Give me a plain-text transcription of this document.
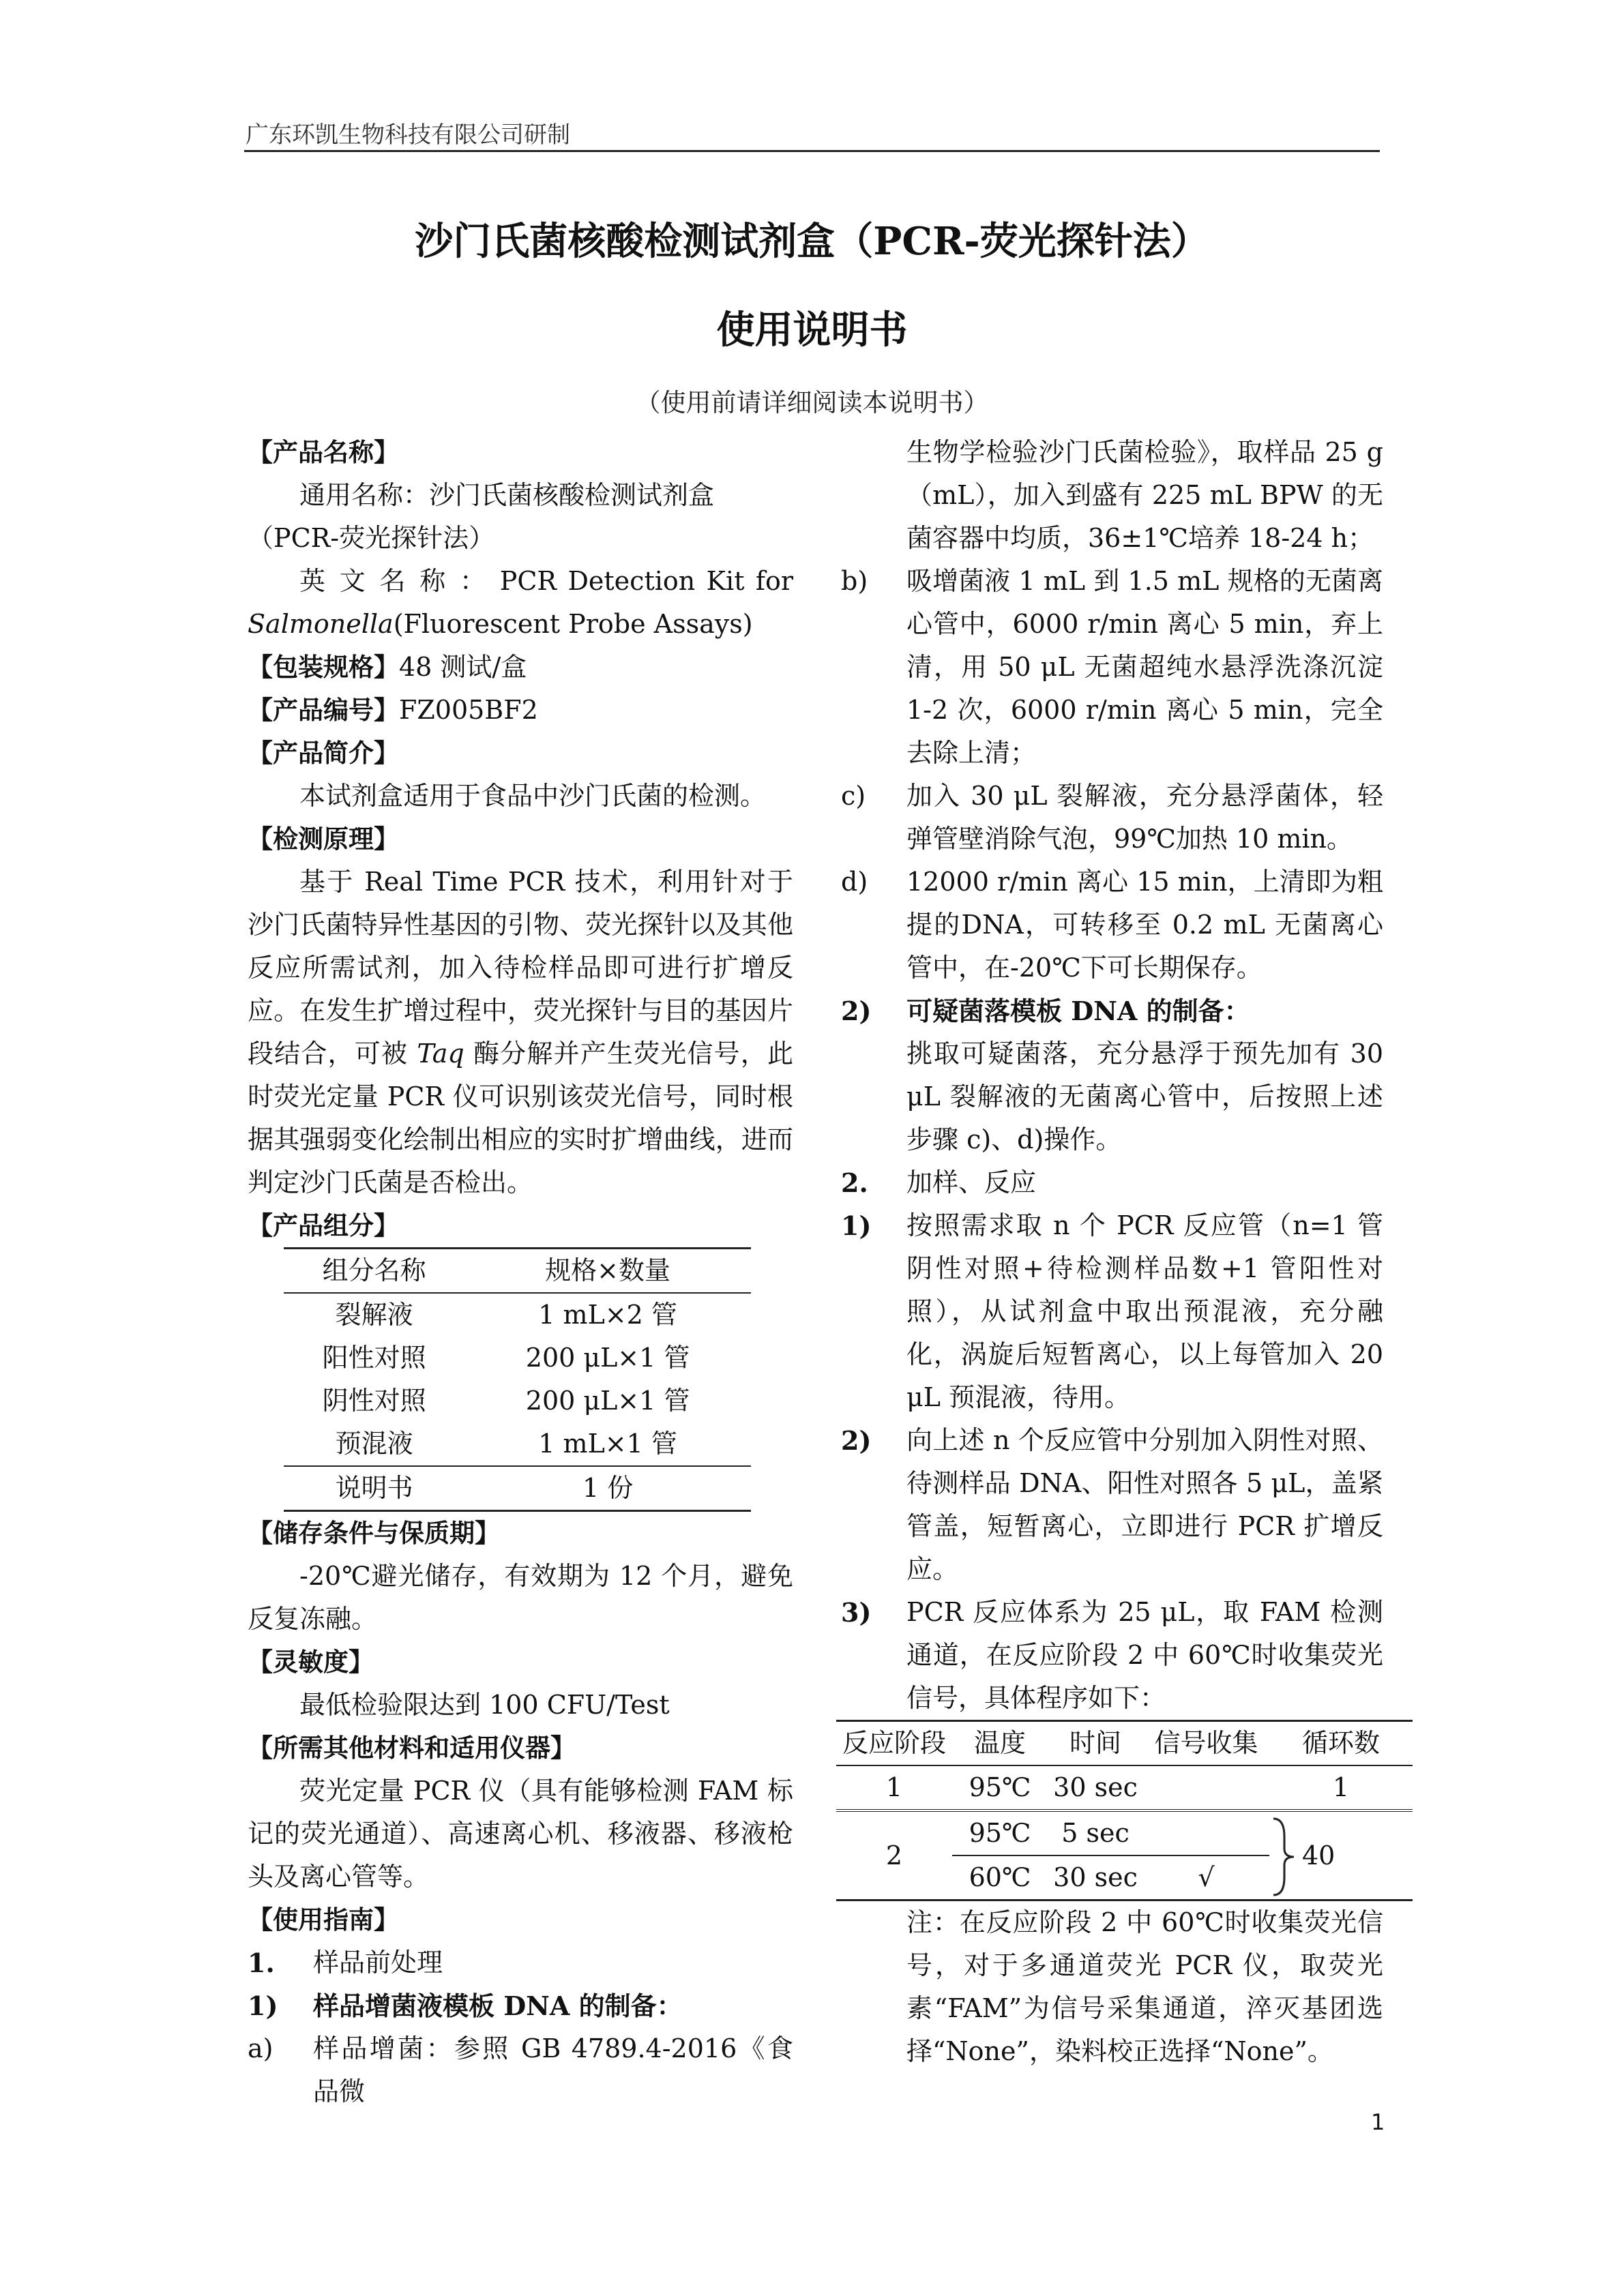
广东环凯生物科技有限公司研制
沙门氏菌核酸检测试剂盒（PCR-荧光探针法）
使用说明书
（使用前请详细阅读本说明书）

【产品名称】

通用名称：沙门氏菌核酸检测试剂盒

（PCR-荧光探针法）

英 文 名 称 ： PCR Detection Kit for

Salmonella(Fluorescent Probe Assays)

【包装规格】48 测试/盒

【产品编号】FZ005BF2

【产品简介】

本试剂盒适用于食品中沙门氏菌的检测。

【检测原理】

基于 Real Time PCR 技术，利用针对于沙门氏菌特异性基因的引物、荧光探针以及其他反应所需试剂，加入待检样品即可进行扩增反应。在发生扩增过程中，荧光探针与目的基因片段结合，可被 Taq 酶分解并产生荧光信号，此时荧光定量 PCR 仪可识别该荧光信号，同时根据其强弱变化绘制出相应的实时扩增曲线，进而判定沙门氏菌是否检出。

【产品组分】

组分名称	规格×数量
裂解液	1 mL×2 管
阳性对照	200 μL×1 管
阴性对照	200 μL×1 管
预混液	1 mL×1 管
说明书	1 份

【储存条件与保质期】

-20℃避光储存，有效期为 12 个月，避免反复冻融。

【灵敏度】

最低检验限达到 100 CFU/Test

【所需其他材料和适用仪器】

荧光定量 PCR 仪（具有能够检测 FAM 标记的荧光通道）、高速离心机、移液器、移液枪头及离心管等。

【使用指南】

1.	样品前处理
1)	样品增菌液模板 DNA 的制备：
a)	样品增菌：参照 GB 4789.4-2016《食品微

生物学检验沙门氏菌检验》，取样品 25 g（mL），加入到盛有 225 mL BPW 的无菌容器中均质，36±1℃培养 18-24 h；

b)	吸增菌液 1 mL 到 1.5 mL 规格的无菌离心管中，6000 r/min 离心 5 min，弃上清，用 50 μL 无菌超纯水悬浮洗涤沉淀 1-2 次，6000 r/min 离心 5 min，完全去除上清；
c)	加入 30 μL 裂解液，充分悬浮菌体，轻弹管壁消除气泡，99℃加热 10 min。
d)	12000 r/min 离心 15 min，上清即为粗提的DNA，可转移至 0.2 mL 无菌离心管中，在-20℃下可长期保存。
2)	可疑菌落模板 DNA 的制备：

挑取可疑菌落，充分悬浮于预先加有 30 μL 裂解液的无菌离心管中，后按照上述步骤 c)、d)操作。

2.	加样、反应
1)	按照需求取 n 个 PCR 反应管（n=1 管阴性对照+待检测样品数+1 管阳性对照），从试剂盒中取出预混液，充分融化，涡旋后短暂离心，以上每管加入 20 μL 预混液，待用。
2)	向上述 n 个反应管中分别加入阴性对照、待测样品 DNA、阳性对照各 5 μL，盖紧管盖，短暂离心，立即进行 PCR 扩增反应。
3)	PCR 反应体系为 25 μL，取 FAM 检测通道，在反应阶段 2 中 60℃时收集荧光信号，具体程序如下：
反应阶段	温度	时间	信号收集	循环数
1	95℃	30 sec		1
2	95℃	5 sec		40
	60℃	30 sec	√	

注：在反应阶段 2 中 60℃时收集荧光信号，对于多通道荧光 PCR 仪，取荧光素“FAM”为信号采集通道，淬灭基团选择“None”，染料校正选择“None”。

1
